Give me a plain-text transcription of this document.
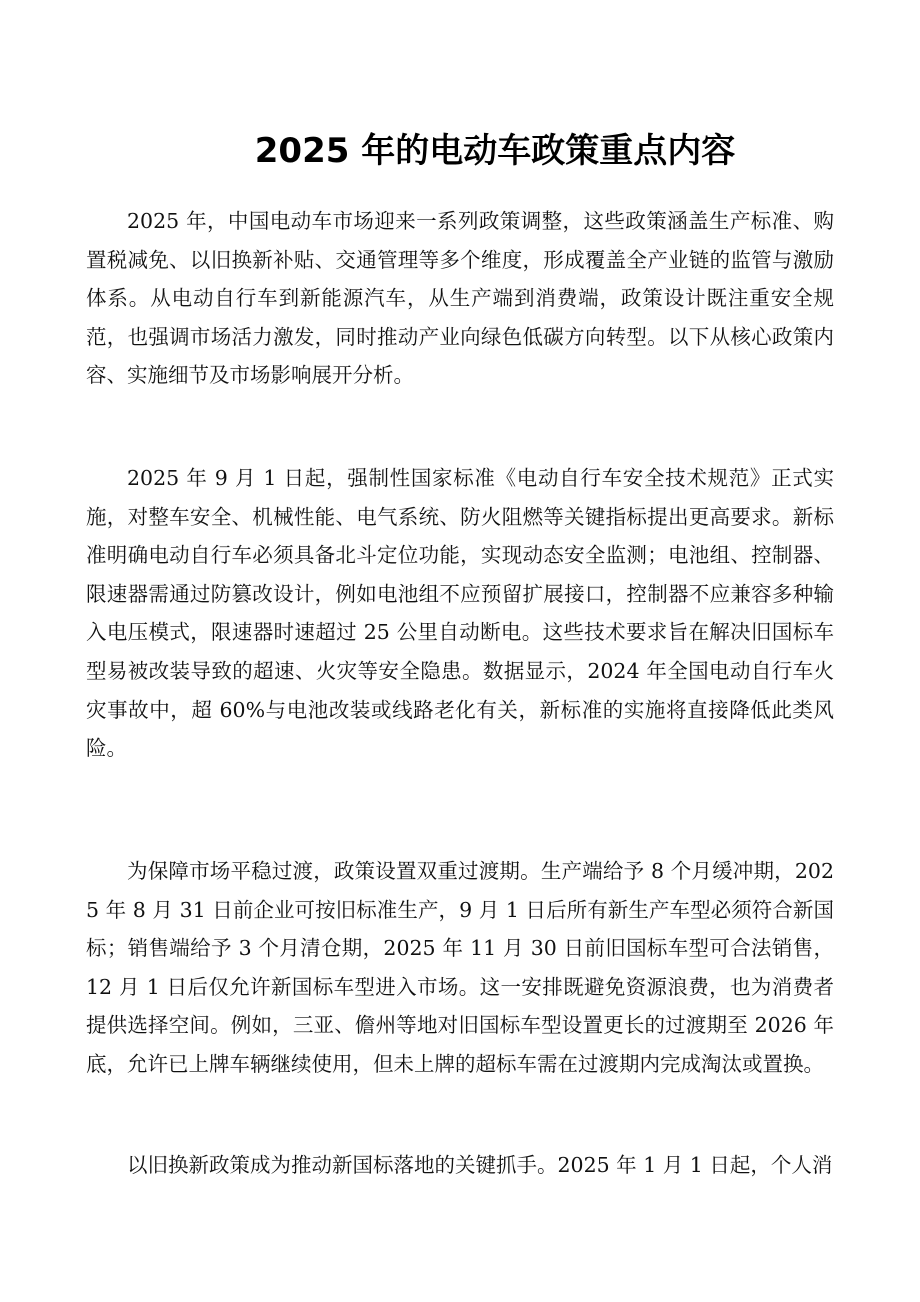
2025 年的电动车政策重点内容

2025 年，中国电动车市场迎来一系列政策调整，这些政策涵盖生产标准、购置税减免、以旧换新补贴、交通管理等多个维度，形成覆盖全产业链的监管与激励体系。从电动自行车到新能源汽车，从生产端到消费端，政策设计既注重安全规范，也强调市场活力激发，同时推动产业向绿色低碳方向转型。以下从核心政策内容、实施细节及市场影响展开分析。

2025 年 9 月 1 日起，强制性国家标准《电动自行车安全技术规范》正式实施，对整车安全、机械性能、电气系统、防火阻燃等关键指标提出更高要求。新标准明确电动自行车必须具备北斗定位功能，实现动态安全监测；电池组、控制器、限速器需通过防篡改设计，例如电池组不应预留扩展接口，控制器不应兼容多种输入电压模式，限速器时速超过 25 公里自动断电。这些技术要求旨在解决旧国标车型易被改装导致的超速、火灾等安全隐患。数据显示，2024 年全国电动自行车火灾事故中，超 60%与电池改装或线路老化有关，新标准的实施将直接降低此类风险。

为保障市场平稳过渡，政策设置双重过渡期。生产端给予 8 个月缓冲期，2025 年 8 月 31 日前企业可按旧标准生产，9 月 1 日后所有新生产车型必须符合新国标；销售端给予 3 个月清仓期，2025 年 11 月 30 日前旧国标车型可合法销售，12 月 1 日后仅允许新国标车型进入市场。这一安排既避免资源浪费，也为消费者提供选择空间。例如，三亚、儋州等地对旧国标车型设置更长的过渡期至 2026 年底，允许已上牌车辆继续使用，但未上牌的超标车需在过渡期内完成淘汰或置换。

以旧换新政策成为推动新国标落地的关键抓手。2025 年 1 月 1 日起，个人消
